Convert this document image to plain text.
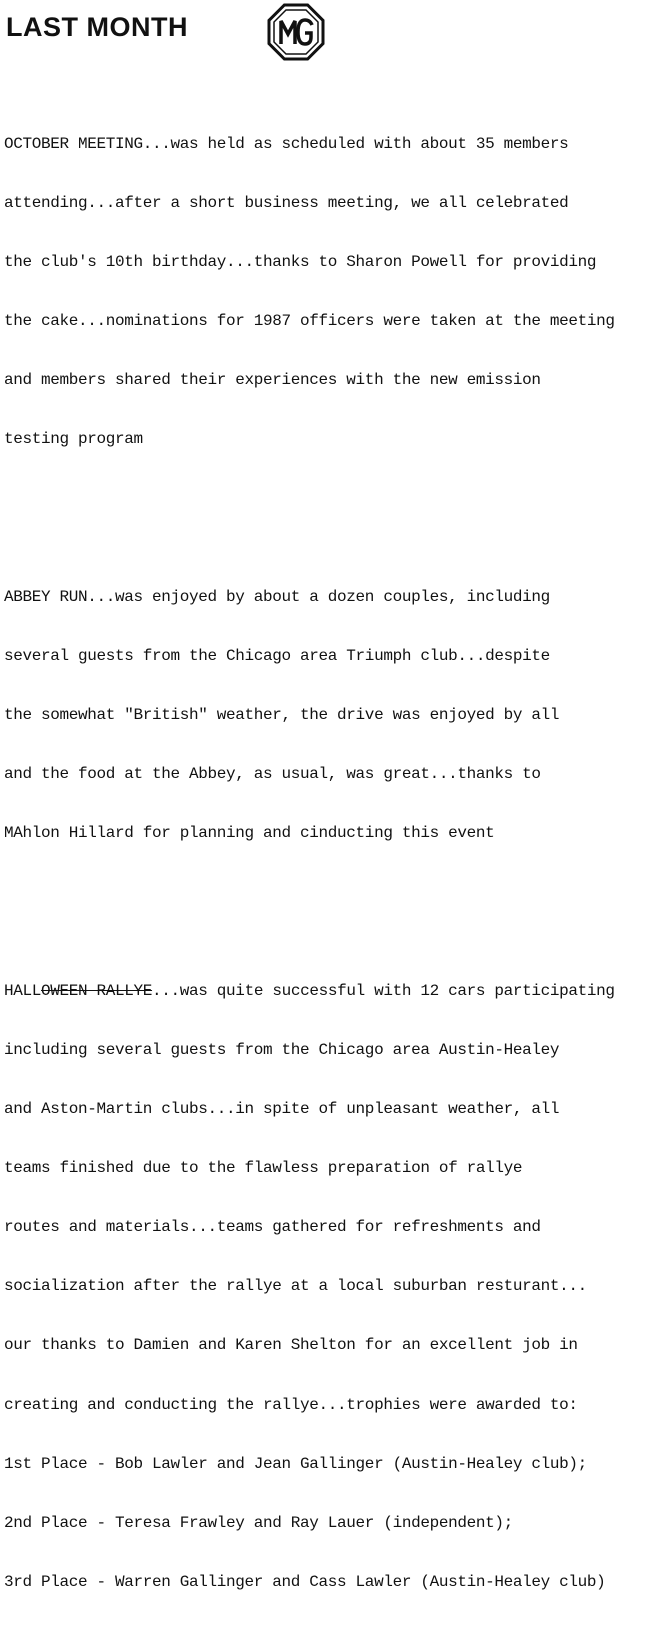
LAST MONTH

OCTOBER MEETING...was held as scheduled with about 35 members

attending...after a short business meeting, we all celebrated

the club's 10th birthday...thanks to Sharon Powell for providing

the cake...nominations for 1987 officers were taken at the meeting

and members shared their experiences with the new emission

testing program

ABBEY RUN...was enjoyed by about a dozen couples, including

several guests from the Chicago area Triumph club...despite

the somewhat "British" weather, the drive was enjoyed by all

and the food at the Abbey, as usual, was great...thanks to

MAhlon Hillard for planning and cinducting this event

HALLOWEEN RALLYE...was quite successful with 12 cars participating

including several guests from the Chicago area Austin-Healey

and Aston-Martin clubs...in spite of unpleasant weather, all

teams finished due to the flawless preparation of rallye

routes and materials...teams gathered for refreshments and

socialization after the rallye at a local suburban resturant...

our thanks to Damien and Karen Shelton for an excellent job in

creating and conducting the rallye...trophies were awarded to:

1st Place - Bob Lawler and Jean Gallinger (Austin-Healey club);

2nd Place - Teresa Frawley and Ray Lauer (independent);

3rd Place - Warren Gallinger and Cass Lawler (Austin-Healey club)
